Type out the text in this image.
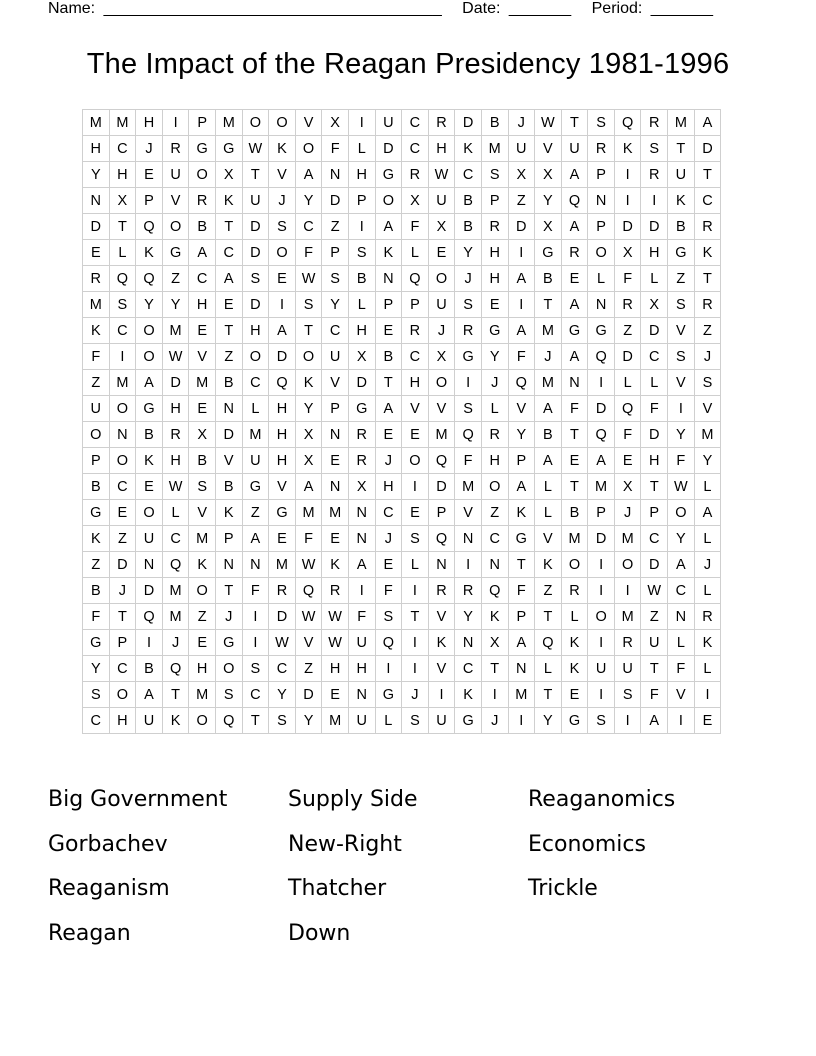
Name: ______________________________________ Date: _______ Period: _______
The Impact of the Reagan Presidency 1981-1996
M	M	H	I	P	M	O	O	V	X	I	U	C	R	D	B	J	W	T	S	Q	R	M	A
H	C	J	R	G	G	W	K	O	F	L	D	C	H	K	M	U	V	U	R	K	S	T	D
Y	H	E	U	O	X	T	V	A	N	H	G	R	W	C	S	X	X	A	P	I	R	U	T
N	X	P	V	R	K	U	J	Y	D	P	O	X	U	B	P	Z	Y	Q	N	I	I	K	C
D	T	Q	O	B	T	D	S	C	Z	I	A	F	X	B	R	D	X	A	P	D	D	B	R
E	L	K	G	A	C	D	O	F	P	S	K	L	E	Y	H	I	G	R	O	X	H	G	K
R	Q	Q	Z	C	A	S	E	W	S	B	N	Q	O	J	H	A	B	E	L	F	L	Z	T
M	S	Y	Y	H	E	D	I	S	Y	L	P	P	U	S	E	I	T	A	N	R	X	S	R
K	C	O	M	E	T	H	A	T	C	H	E	R	J	R	G	A	M	G	G	Z	D	V	Z
F	I	O	W	V	Z	O	D	O	U	X	B	C	X	G	Y	F	J	A	Q	D	C	S	J
Z	M	A	D	M	B	C	Q	K	V	D	T	H	O	I	J	Q	M	N	I	L	L	V	S
U	O	G	H	E	N	L	H	Y	P	G	A	V	V	S	L	V	A	F	D	Q	F	I	V
O	N	B	R	X	D	M	H	X	N	R	E	E	M	Q	R	Y	B	T	Q	F	D	Y	M
P	O	K	H	B	V	U	H	X	E	R	J	O	Q	F	H	P	A	E	A	E	H	F	Y
B	C	E	W	S	B	G	V	A	N	X	H	I	D	M	O	A	L	T	M	X	T	W	L
G	E	O	L	V	K	Z	G	M	M	N	C	E	P	V	Z	K	L	B	P	J	P	O	A
K	Z	U	C	M	P	A	E	F	E	N	J	S	Q	N	C	G	V	M	D	M	C	Y	L
Z	D	N	Q	K	N	N	M	W	K	A	E	L	N	I	N	T	K	O	I	O	D	A	J
B	J	D	M	O	T	F	R	Q	R	I	F	I	R	R	Q	F	Z	R	I	I	W	C	L
F	T	Q	M	Z	J	I	D	W	W	F	S	T	V	Y	K	P	T	L	O	M	Z	N	R
G	P	I	J	E	G	I	W	V	W	U	Q	I	K	N	X	A	Q	K	I	R	U	L	K
Y	C	B	Q	H	O	S	C	Z	H	H	I	I	V	C	T	N	L	K	U	U	T	F	L
S	O	A	T	M	S	C	Y	D	E	N	G	J	I	K	I	M	T	E	I	S	F	V	I
C	H	U	K	O	Q	T	S	Y	M	U	L	S	U	G	J	I	Y	G	S	I	A	I	E
Big Government	Supply Side	Reaganomics
Gorbachev	New-Right	Economics
Reaganism	Thatcher	Trickle
Reagan	Down
